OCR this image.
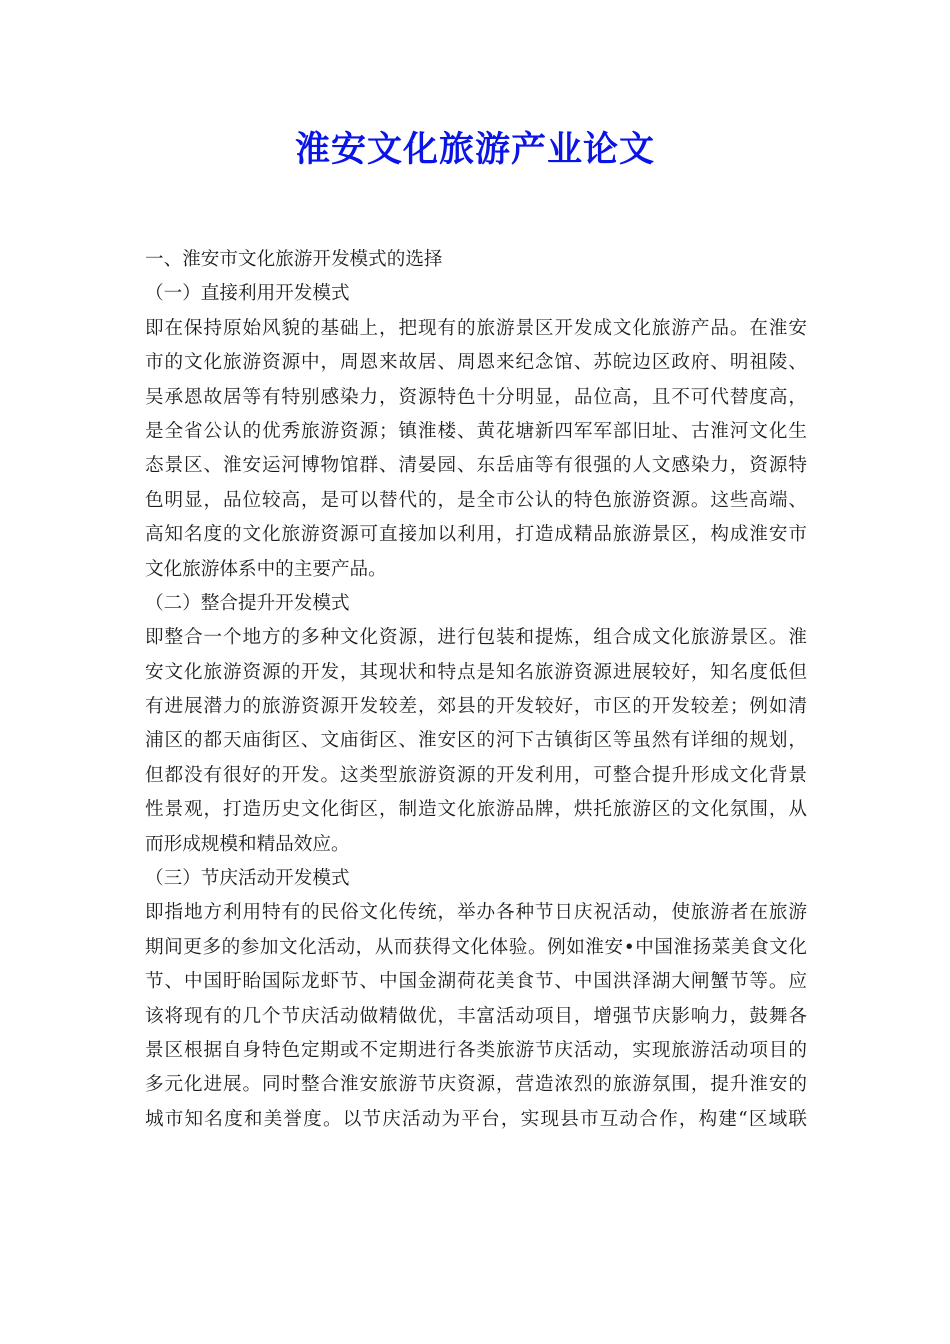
淮安文化旅游产业论文
一、淮安市文化旅游开发模式的选择
（一）直接利用开发模式
即在保持原始风貌的基础上，把现有的旅游景区开发成文化旅游产品。在淮安
市的文化旅游资源中，周恩来故居、周恩来纪念馆、苏皖边区政府、明祖陵、
吴承恩故居等有特别感染力，资源特色十分明显，品位高，且不可代替度高，
是全省公认的优秀旅游资源；镇淮楼、黄花塘新四军军部旧址、古淮河文化生
态景区、淮安运河博物馆群、清晏园、东岳庙等有很强的人文感染力，资源特
色明显，品位较高，是可以替代的，是全市公认的特色旅游资源。这些高端、
高知名度的文化旅游资源可直接加以利用，打造成精品旅游景区，构成淮安市
文化旅游体系中的主要产品。
（二）整合提升开发模式
即整合一个地方的多种文化资源，进行包装和提炼，组合成文化旅游景区。淮
安文化旅游资源的开发，其现状和特点是知名旅游资源进展较好，知名度低但
有进展潜力的旅游资源开发较差，郊县的开发较好，市区的开发较差；例如清
浦区的都天庙街区、文庙街区、淮安区的河下古镇街区等虽然有详细的规划，
但都没有很好的开发。这类型旅游资源的开发利用，可整合提升形成文化背景
性景观，打造历史文化街区，制造文化旅游品牌，烘托旅游区的文化氛围，从
而形成规模和精品效应。
（三）节庆活动开发模式
即指地方利用特有的民俗文化传统，举办各种节日庆祝活动，使旅游者在旅游
期间更多的参加文化活动，从而获得文化体验。例如淮安•中国淮扬菜美食文化
节、中国盱眙国际龙虾节、中国金湖荷花美食节、中国洪泽湖大闸蟹节等。应
该将现有的几个节庆活动做精做优，丰富活动项目，增强节庆影响力，鼓舞各
景区根据自身特色定期或不定期进行各类旅游节庆活动，实现旅游活动项目的
多元化进展。同时整合淮安旅游节庆资源，营造浓烈的旅游氛围，提升淮安的
城市知名度和美誉度。以节庆活动为平台，实现县市互动合作，构建“区域联
